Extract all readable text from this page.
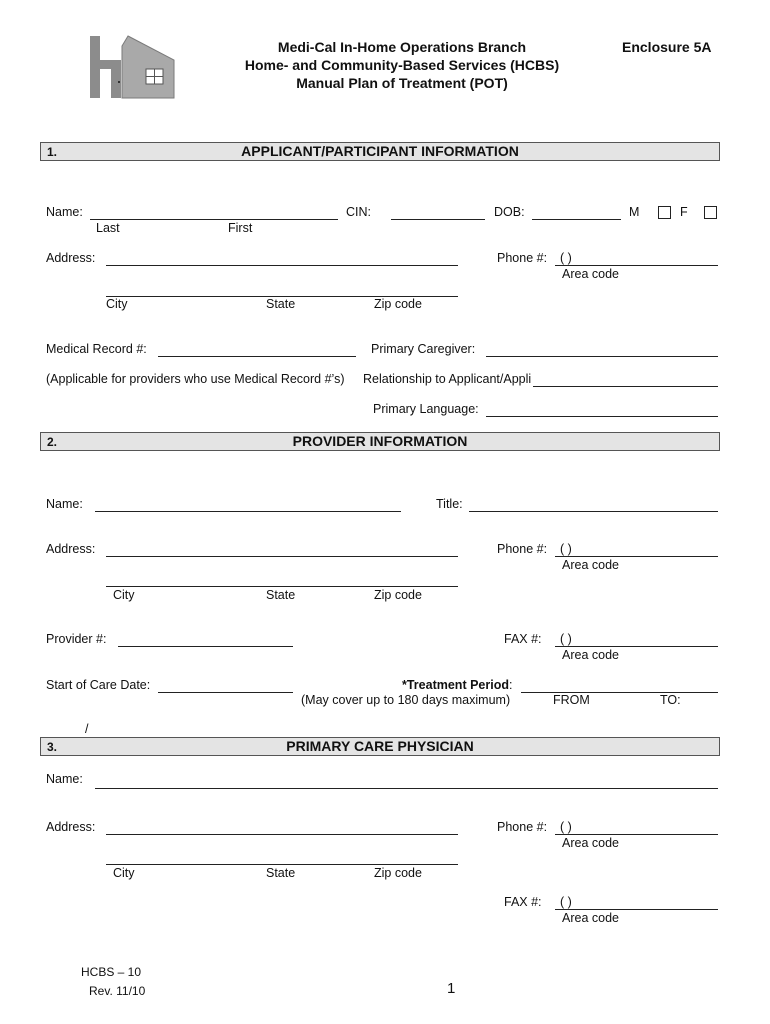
Medi-Cal In-Home Operations Branch
Home- and Community-Based Services (HCBS)
Manual Plan of Treatment (POT)
Enclosure 5A
1.	APPLICANT/PARTICIPANT INFORMATION
Name:
Last	First
CIN:	DOB:	M	F
Address:	Phone #: ( )
Area code
City	State	Zip code
Medical Record #:	Primary Caregiver:
(Applicable for providers who use Medical Record #’s) Relationship to Applicant/Appli
Primary Language:
2.	PROVIDER INFORMATION
Name:	Title:
Address:	Phone #: ( )
Area code
City	State	Zip code
Provider #:	FAX #: ( )
Area code
Start of Care Date:	*Treatment Period:
(May cover up to 180 days maximum)	FROM	TO:
/
3.	PRIMARY CARE PHYSICIAN
Name:
Address:	Phone #: ( )
Area code
City	State	Zip code
FAX #: ( )
Area code
HCBS – 10
Rev. 11/10	1
